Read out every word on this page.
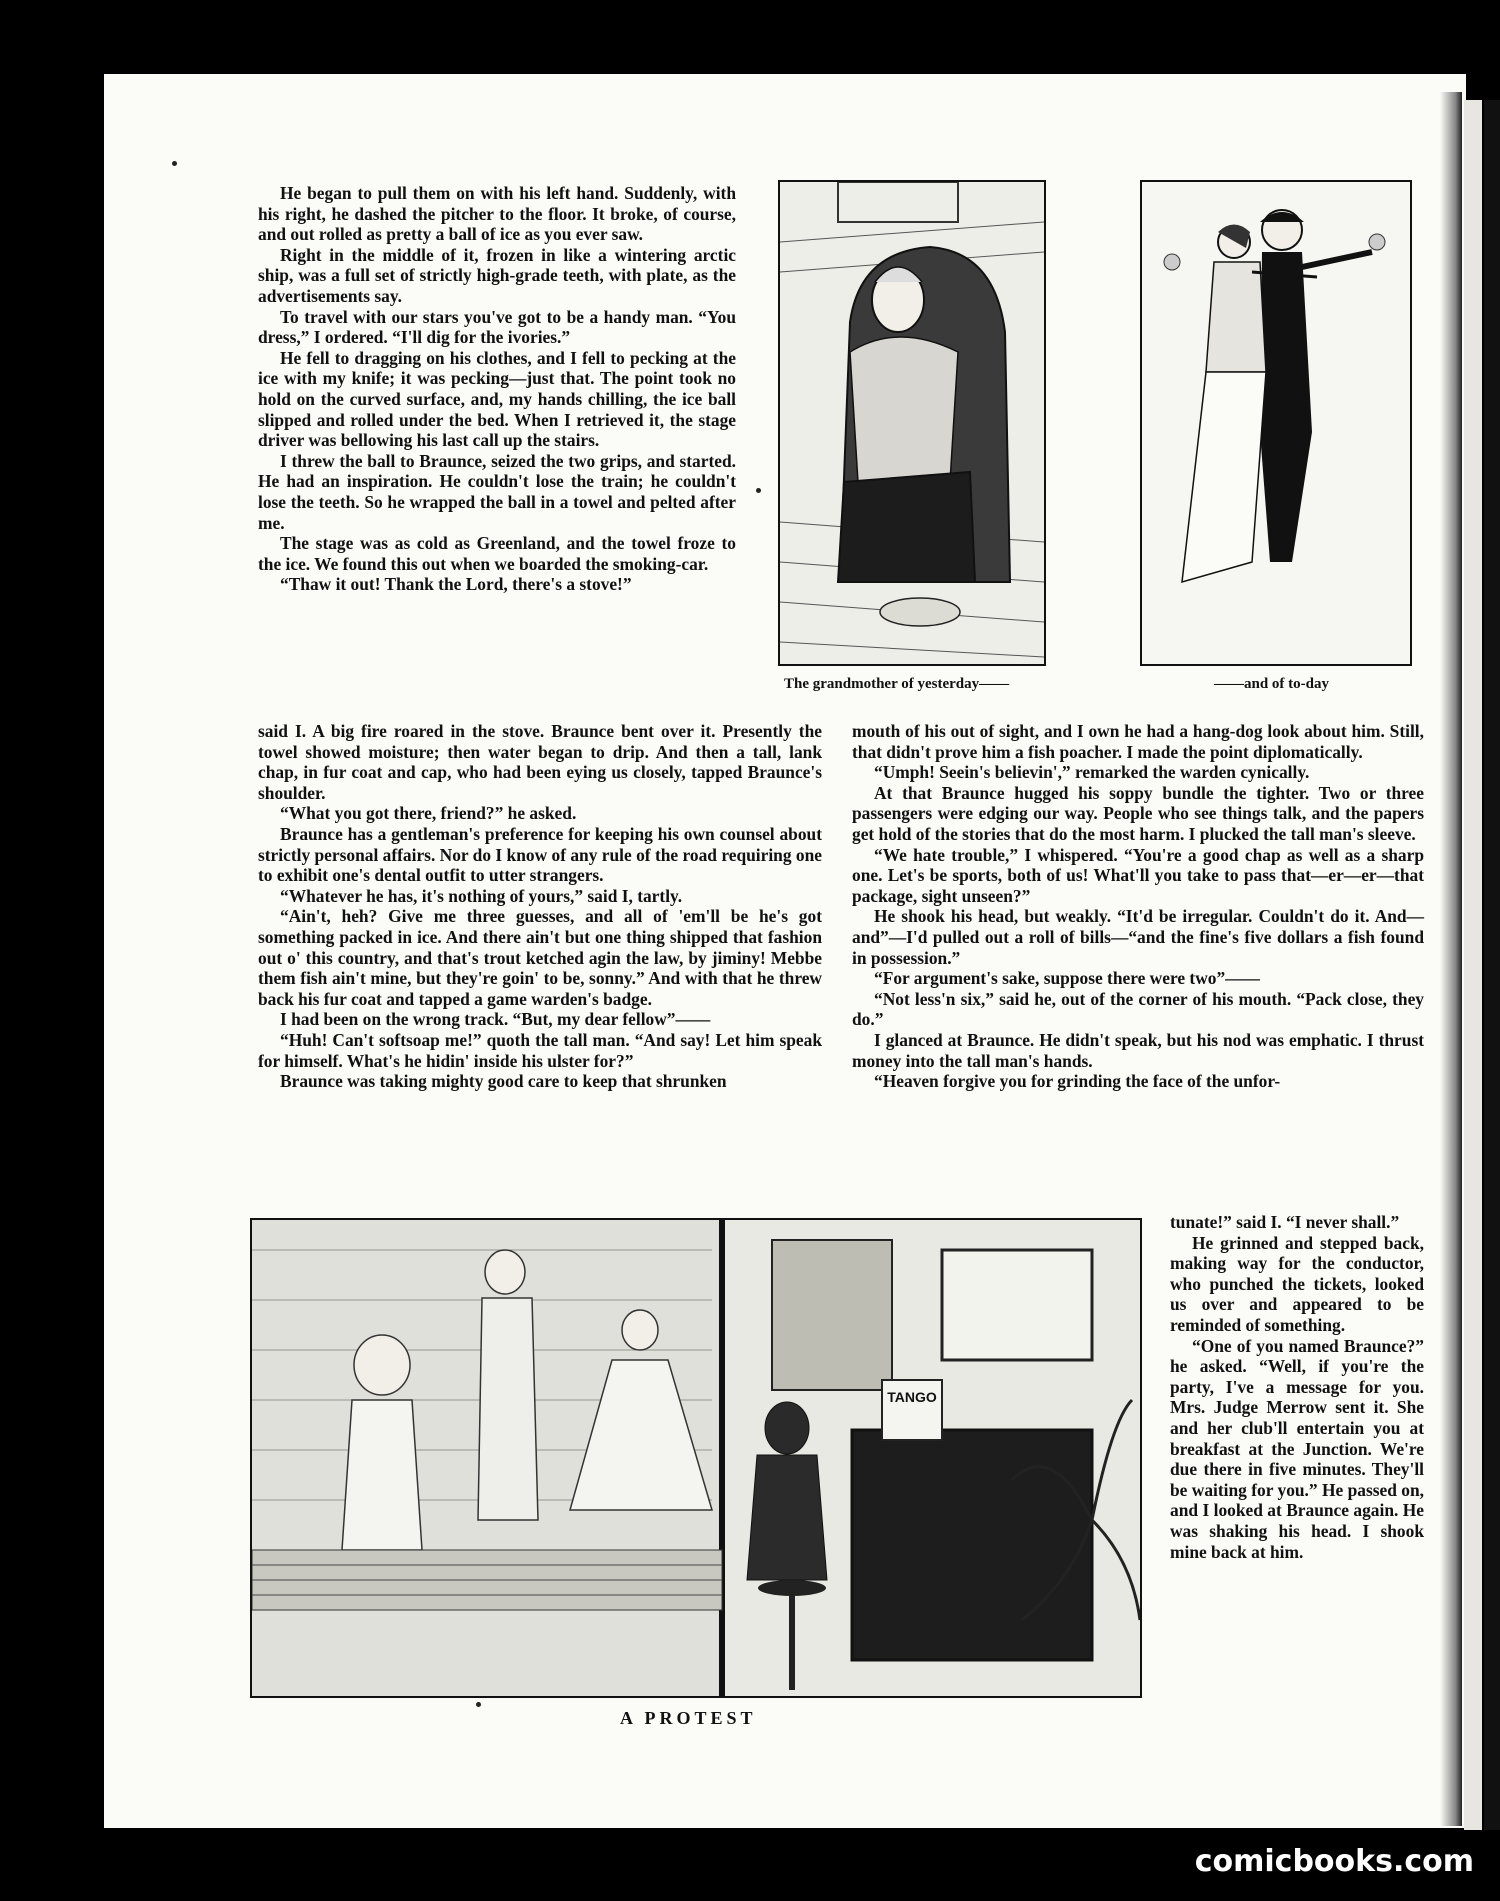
He began to pull them on with his left hand. Suddenly, with his right, he dashed the pitcher to the floor. It broke, of course, and out rolled as pretty a ball of ice as you ever saw.

Right in the middle of it, frozen in like a wintering arctic ship, was a full set of strictly high-grade teeth, with plate, as the advertisements say.

To travel with our stars you've got to be a handy man. “You dress,” I ordered. “I'll dig for the ivories.”

He fell to dragging on his clothes, and I fell to pecking at the ice with my knife; it was pecking—just that. The point took no hold on the curved surface, and, my hands chilling, the ice ball slipped and rolled under the bed. When I retrieved it, the stage driver was bellowing his last call up the stairs.

I threw the ball to Braunce, seized the two grips, and started. He had an inspiration. He couldn't lose the train; he couldn't lose the teeth. So he wrapped the ball in a towel and pelted after me.

The stage was as cold as Greenland, and the towel froze to the ice. We found this out when we boarded the smoking-car.

“Thaw it out! Thank the Lord, there's a stove!”

The grandmother of yesterday——	——and of to-day

said I. A big fire roared in the stove. Braunce bent over it. Presently the towel showed moisture; then water began to drip. And then a tall, lank chap, in fur coat and cap, who had been eying us closely, tapped Braunce's shoulder.

“What you got there, friend?” he asked.

Braunce has a gentleman's preference for keeping his own counsel about strictly personal affairs. Nor do I know of any rule of the road requiring one to exhibit one's dental outfit to utter strangers.

“Whatever he has, it's nothing of yours,” said I, tartly.

“Ain't, heh? Give me three guesses, and all of 'em'll be he's got something packed in ice. And there ain't but one thing shipped that fashion out o' this country, and that's trout ketched agin the law, by jiminy! Mebbe them fish ain't mine, but they're goin' to be, sonny.” And with that he threw back his fur coat and tapped a game warden's badge.

I had been on the wrong track. “But, my dear fellow”——

“Huh! Can't softsoap me!” quoth the tall man. “And say! Let him speak for himself. What's he hidin' inside his ulster for?”

Braunce was taking mighty good care to keep that shrunken

mouth of his out of sight, and I own he had a hang-dog look about him. Still, that didn't prove him a fish poacher. I made the point diplomatically.

“Umph! Seein's believin',” remarked the warden cynically.

At that Braunce hugged his soppy bundle the tighter. Two or three passengers were edging our way. People who see things talk, and the papers get hold of the stories that do the most harm. I plucked the tall man's sleeve.

“We hate trouble,” I whispered. “You're a good chap as well as a sharp one. Let's be sports, both of us! What'll you take to pass that—er—er—that package, sight unseen?”

He shook his head, but weakly. “It'd be irregular. Couldn't do it. And—and”—I'd pulled out a roll of bills—“and the fine's five dollars a fish found in possession.”

“For argument's sake, suppose there were two”——

“Not less'n six,” said he, out of the corner of his mouth. “Pack close, they do.”

I glanced at Braunce. He didn't speak, but his nod was emphatic. I thrust money into the tall man's hands.

“Heaven forgive you for grinding the face of the unfor-

TANGO
A PROTEST

tunate!” said I. “I never shall.”

He grinned and stepped back, making way for the conductor, who punched the tickets, looked us over and appeared to be reminded of something.

“One of you named Braunce?” he asked. “Well, if you're the party, I've a message for you. Mrs. Judge Merrow sent it. She and her club'll entertain you at breakfast at the Junction. We're due there in five minutes. They'll be waiting for you.” He passed on, and I looked at Braunce again. He was shaking his head. I shook mine back at him.

comicbooks.com
